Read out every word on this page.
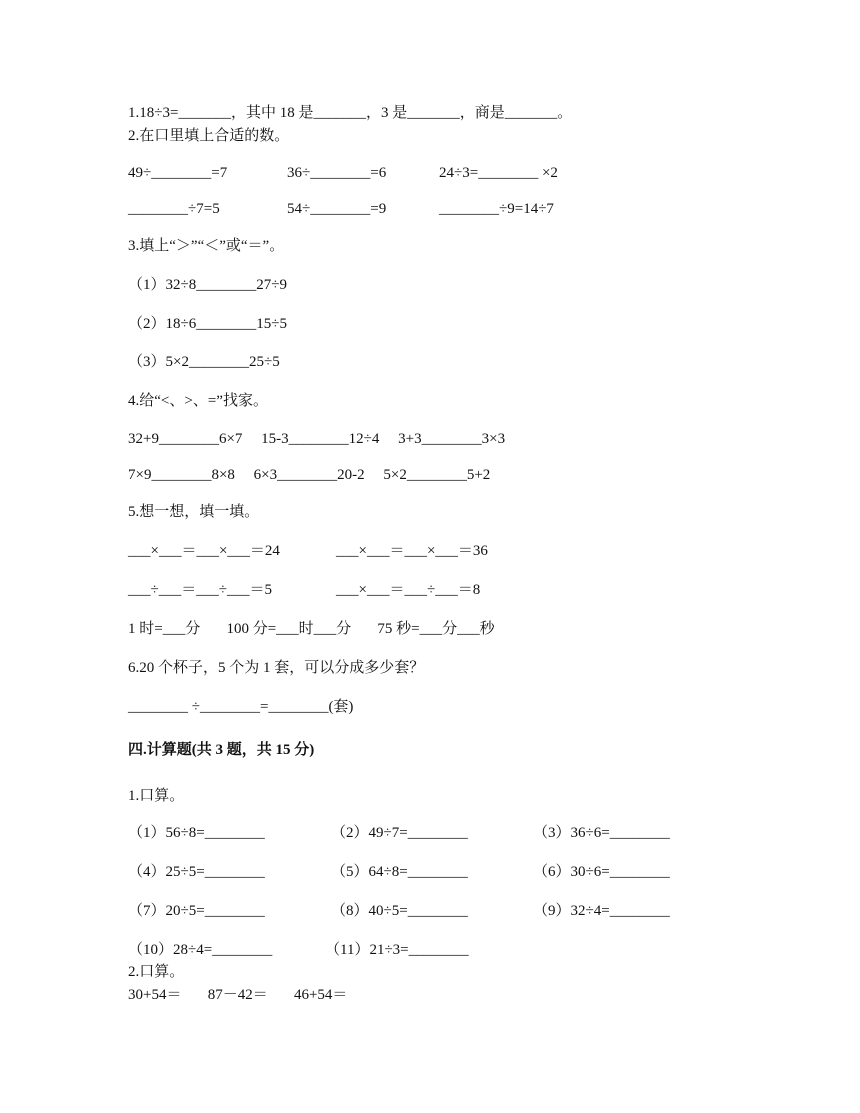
1.18÷3=_______，其中 18 是_______，3 是_______，商是_______。
2.在口里填上合适的数。
49÷________=7	36÷________=6	24÷3=________ ×2
________÷7=5	54÷________=9	________÷9=14÷7
3.填上“＞”“＜”或“＝”。
（1）32÷8________27÷9
（2）18÷6________15÷5
（3）5×2________25÷5
4.给“<、>、=”找家。
32+9________6×7     15-3________12÷4     3+3________3×3
7×9________8×8     6×3________20-2     5×2________5+2
5.想一想，填一填。
___×___＝___×___＝24	___×___＝___×___＝36
___÷___＝___÷___＝5	___×___＝___÷___＝8
1 时=___分       100 分=___时___分       75 秒=___分___秒
6.20 个杯子，5 个为 1 套，可以分成多少套？
________ ÷________=________(套)
四.计算题(共 3 题，共 15 分)
1.口算。
（1）56÷8=________	（2）49÷7=________	（3）36÷6=________
（4）25÷5=________	（5）64÷8=________	（6）30÷6=________
（7）20÷5=________	（8）40÷5=________	（9）32÷4=________
（10）28÷4=________	（11）21÷3=________
2.口算。
30+54＝       87－42＝       46+54＝
